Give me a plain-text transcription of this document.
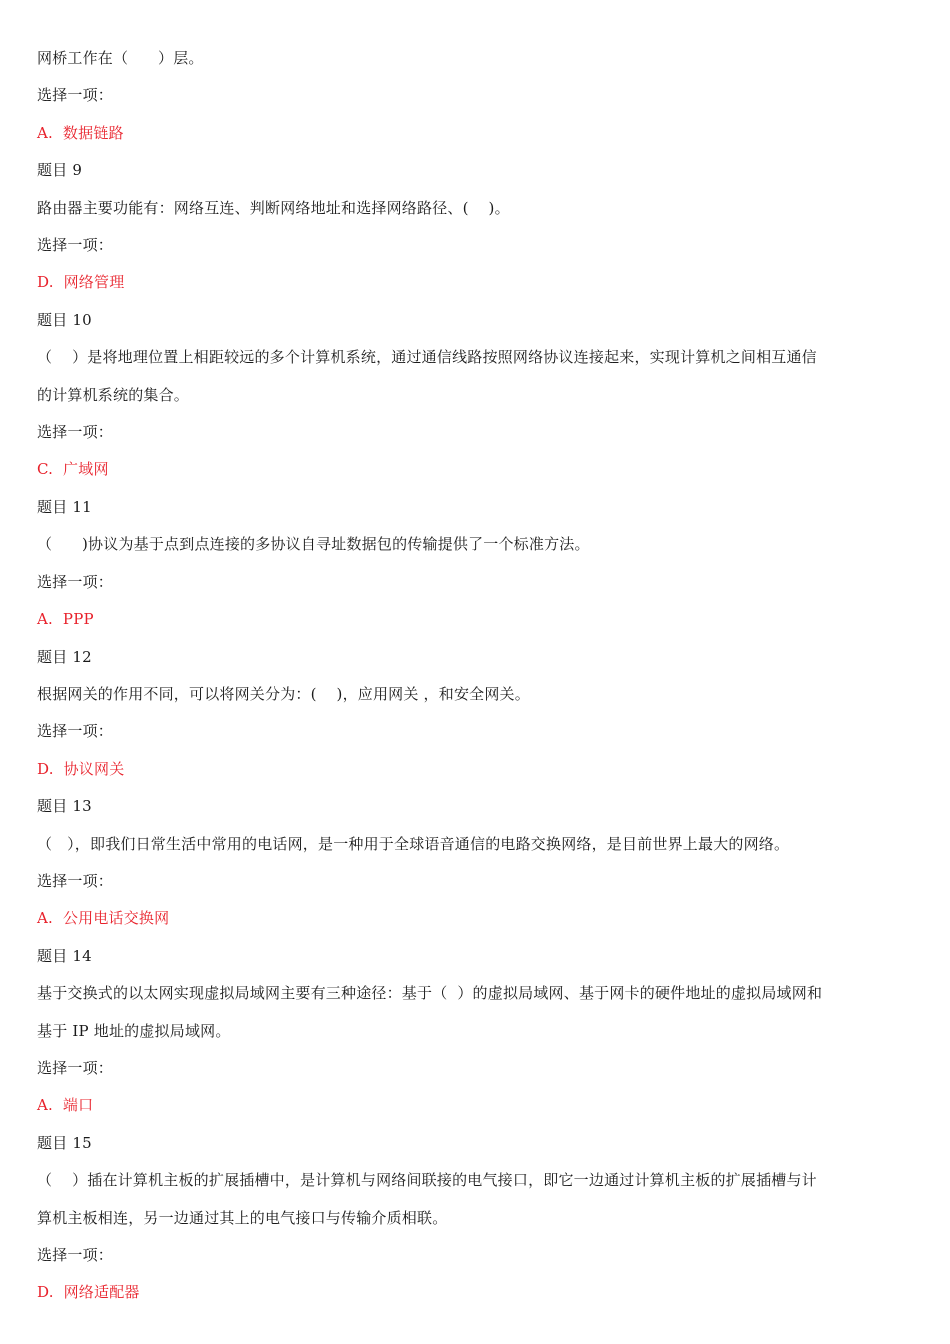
网桥工作在（      ）层。
选择一项：
A.  数据链路
题目 9
路由器主要功能有：网络互连、判断网络地址和选择网络路径、(    )。
选择一项：
D.  网络管理
题目 10
（    ）是将地理位置上相距较远的多个计算机系统，通过通信线路按照网络协议连接起来，实现计算机之间相互通信
的计算机系统的集合。
选择一项：
C.  广域网
题目 11
（      )协议为基于点到点连接的多协议自寻址数据包的传输提供了一个标准方法。
选择一项：
A.  PPP
题目 12
根据网关的作用不同，可以将网关分为：(    )，应用网关 ，和安全网关。
选择一项：
D.  协议网关
题目 13
（   ），即我们日常生活中常用的电话网，是一种用于全球语音通信的电路交换网络，是目前世界上最大的网络。
选择一项：
A.  公用电话交换网
题目 14
基于交换式的以太网实现虚拟局域网主要有三种途径：基于（  ）的虚拟局域网、基于网卡的硬件地址的虚拟局域网和
基于 IP 地址的虚拟局域网。
选择一项：
A.  端口
题目 15
（    ）插在计算机主板的扩展插槽中，是计算机与网络间联接的电气接口，即它一边通过计算机主板的扩展插槽与计
算机主板相连，另一边通过其上的电气接口与传输介质相联。
选择一项：
D.  网络适配器
